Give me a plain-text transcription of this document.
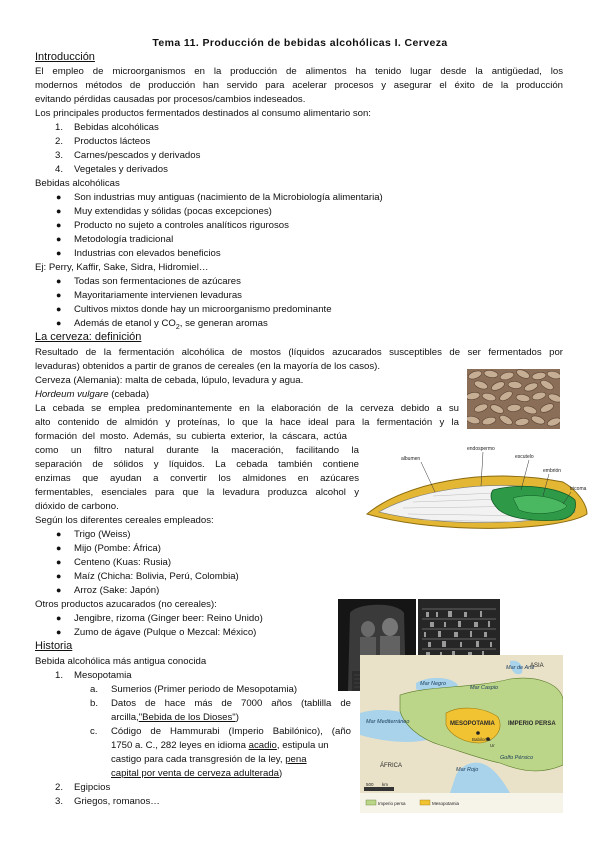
Tema 11. Producción de bebidas alcohólicas I. Cerveza
Introducción
El empleo de microorganismos en la producción de alimentos ha tenido lugar desde la antigüedad, los
modernos métodos de producción han servido para acelerar procesos y asegurar el éxito de la producción
evitando pérdidas causadas por procesos/cambios indeseados.
Los principales productos fermentados destinados al consumo alimentario son:
1. Bebidas alcohólicas
2. Productos lácteos
3. Carnes/pescados y derivados
4. Vegetales y derivados
Bebidas alcohólicas
● Son industrias muy antiguas (nacimiento de la Microbiología alimentaria)
● Muy extendidas y sólidas (pocas excepciones)
● Producto no sujeto a controles analíticos rigurosos
● Metodología tradicional
● Industrias con elevados beneficios
Ej: Perry, Kaffir, Sake, Sidra, Hidromiel…
● Todas son fermentaciones de azúcares
● Mayoritariamente intervienen levaduras
● Cultivos mixtos donde hay un microorganismo predominante
● Además de etanol y $CO_2$, se generan aromas
La cerveza: definición
Resultado de la fermentación alcohólica de mostos (líquidos azucarados susceptibles de ser fermentados por
levaduras) obtenidos a partir de granos de cereales (en la mayoría de los casos).
Cerveza (Alemania): malta de cebada, lúpulo, levadura y agua.
Hordeum vulgare (cebada)
La cebada se emplea predominantemente en la elaboración de la cerveza debido a su
alto contenido de almidón y proteínas, lo que la hace ideal para la fermentación y la
formación del mosto. Además, su cubierta exterior, la cáscara, actúa
como un filtro natural durante la maceración, facilitando la
separación de sólidos y líquidos. La cebada también contiene
enzimas que ayudan a convertir los almidones en azúcares
fermentables, esenciales para que la levadura produzca alcohol y
dióxido de carbono.
Según los diferentes cereales empleados:
● Trigo (Weiss)
● Mijo (Pombe: África)
● Centeno (Kuas: Rusia)
● Maíz (Chicha: Bolivia, Perú, Colombia)
● Arroz (Sake: Japón)
Otros productos azucarados (no cereales):
● Jengibre, rizoma (Ginger beer: Reino Unido)
● Zumo de ágave (Pulque o Mezcal: México)
Historia
Bebida alcohólica más antigua conocida
1. Mesopotamia
a. Sumerios (Primer periodo de Mesopotamia)
b. Datos de hace más de 7000 años (tablilla de
arcilla,"Bebida de los Dioses")
c. Código de Hammurabi (Imperio Babilónico), (año
1750 a. C., 282 leyes en idioma acadio, estipula un
castigo para cada transgresión de la ley, pena
capital por venta de cerveza adulterada)
2. Egipcios
3. Griegos, romanos…
albumen
endospermo
escutelo
embrión
tricoma
Mar Negro
Mar de Aral
Mar Caspio
Mar Mediterráneo
Mar Rojo
Golfo Pérsico
ASIA
MESOPOTAMIA IMPERIO PERSA
Babilonia
Ur
ÁFRICA
500 km
Imperio persa	Mesopotamia
